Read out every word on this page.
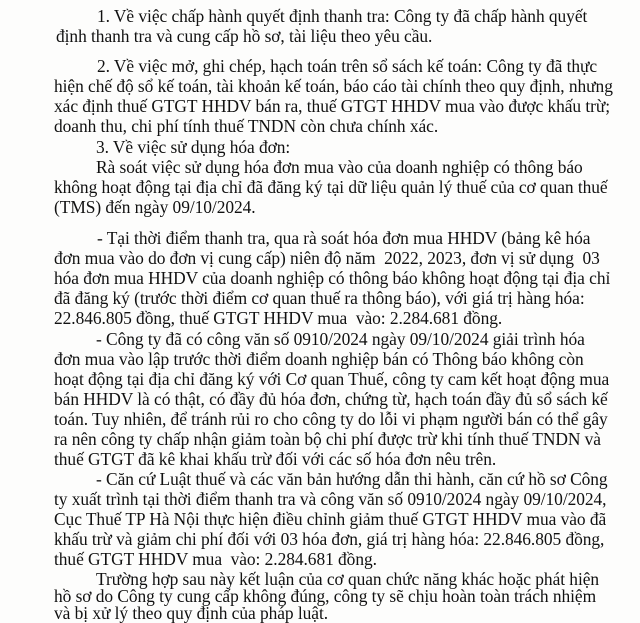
1. Về việc chấp hành quyết định thanh tra: Công ty đã chấp hành quyết
định thanh tra và cung cấp hồ sơ, tài liệu theo yêu cầu.
2. Về việc mở, ghi chép, hạch toán trên sổ sách kế toán: Công ty đã thực
hiện chế độ sổ kế toán, tài khoản kế toán, báo cáo tài chính theo quy định, nhưng
xác định thuế GTGT HHDV bán ra, thuế GTGT HHDV mua vào được khấu trừ;
doanh thu, chi phí tính thuế TNDN còn chưa chính xác.
3. Về việc sử dụng hóa đơn:
Rà soát việc sử dụng hóa đơn mua vào của doanh nghiệp có thông báo
không hoạt động tại địa chỉ đã đăng ký tại dữ liệu quản lý thuế của cơ quan thuế
(TMS) đến ngày 09/10/2024.
- Tại thời điểm thanh tra, qua rà soát hóa đơn mua HHDV (bảng kê hóa
đơn mua vào do đơn vị cung cấp) niên độ năm  2022, 2023, đơn vị sử dụng  03
hóa đơn mua HHDV của doanh nghiệp có thông báo không hoạt động tại địa chỉ
đã đăng ký (trước thời điểm cơ quan thuế ra thông báo), với giá trị hàng hóa:
22.846.805 đồng, thuế GTGT HHDV mua  vào: 2.284.681 đồng.
- Công ty đã có công văn số 0910/2024 ngày 09/10/2024 giải trình hóa
đơn mua vào lập trước thời điểm doanh nghiệp bán có Thông báo không còn
hoạt động tại địa chỉ đăng ký với Cơ quan Thuế, công ty cam kết hoạt động mua
bán HHDV là có thật, có đầy đủ hóa đơn, chứng từ, hạch toán đầy đủ sổ sách kế
toán. Tuy nhiên, để tránh rủi ro cho công ty do lỗi vi phạm người bán có thể gây
ra nên công ty chấp nhận giảm toàn bộ chi phí được trừ khi tính thuế TNDN và
thuế GTGT đã kê khai khấu trừ đối với các số hóa đơn nêu trên.
- Căn cứ Luật thuế và các văn bản hướng dẫn thi hành, căn cứ hồ sơ Công
ty xuất trình tại thời điểm thanh tra và công văn số 0910/2024 ngày 09/10/2024,
Cục Thuế TP Hà Nội thực hiện điều chỉnh giảm thuế GTGT HHDV mua vào đã
khấu trừ và giảm chi phí đối với 03 hóa đơn, giá trị hàng hóa: 22.846.805 đồng,
thuế GTGT HHDV mua  vào: 2.284.681 đồng.
Trường hợp sau này kết luận của cơ quan chức năng khác hoặc phát hiện
hồ sơ do Công ty cung cấp không đúng, công ty sẽ chịu hoàn toàn trách nhiệm
và bị xử lý theo quy định của pháp luật.
